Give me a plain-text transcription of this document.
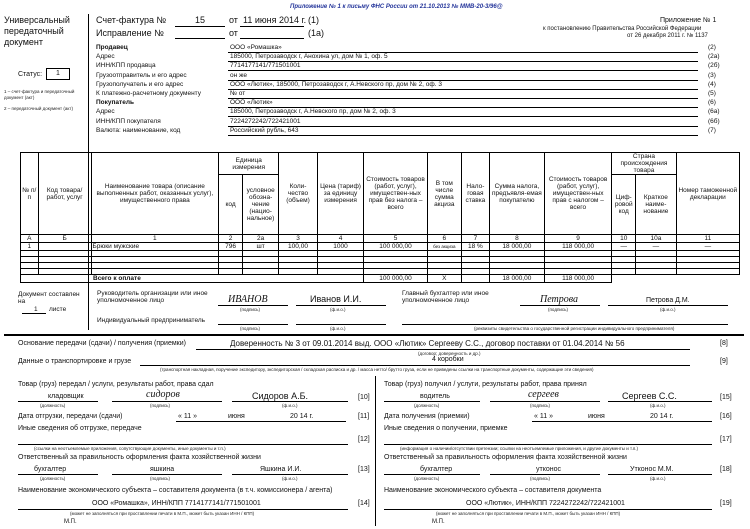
Приложение № 1 к письму ФНС России от 21.10.2013 № ММВ-20-3/96@
Универсальный передаточный документ
Счет-фактура №	15	от 11 июня 2014 г. (1)
Исправление №	от	(1а)
Приложение № 1
к постановлению Правительства Российской Федерации
от 26 декабря 2011 г. № 1137
Статус:	1
1 – счет-фактура и передаточный документ (акт)
2 – передаточный документ (акт)
Продавец	ООО «Ромашка»	(2)
Адрес	185000, Петрозаводск г, Анохина ул, дом № 1, оф. 5	(2а)
ИНН/КПП продавца	7714177141/771501001	(2б)
Грузоотправитель и его адрес	он же	(3)
Грузополучатель и его адрес	ООО «Лютик», 185000, Петрозаводск г, А.Невского пр, дом № 2, оф. 3	(4)
К платежно-расчетному документу	№ от	(5)
Покупатель	ООО «Лютик»	(6)
Адрес	185000, Петрозаводск г, А.Невского пр, дом № 2, оф. 3	(6а)
ИНН/КПП покупателя	7224272242/722421001	(6б)
Валюта: наименование, код	Российский рубль, 643	(7)
№ п/п	Код товара/ работ, услуг	Наименование товара (описание выполненных работ, оказанных услуг), имущественного права	Единица измерения		Коли-чество (объем)	Цена (тариф) за единицу измерения	Стоимость товаров (работ, услуг), имуществен-ных прав без налога – всего	В том числе сумма акциза	Нало-говая ставка	Сумма налога, предъявля-емая покупателю	Стоимость товаров (работ, услуг), имуществен-ных прав с налогом – всего	Страна происхождения товара		Номер таможенной декларации
			код	условное обозна-чение (нацио-нальное)								Циф-ровой код	Краткое наиме-нование	
А	Б	1	2	2а	3	4	5	6	7	8	9	10	10а	11
1		Брюки мужские	796	шт	100,00	1000	100 000,00	без акциза	18 %	18 000,00	118 000,00	—	—	—

Всего к оплате							100 000,00	Х		18 000,00	118 000,00			
Документ составлен на
1 листе
Руководитель организации или иное уполномоченное лицо	ИВАНОВ	Иванов И.И.
(подпись)	(ф.и.о.)
Главный бухгалтер или иное уполномоченное лицо	Петрова	Петрова Д.М.
(подпись)	(ф.и.о.)
Индивидуальный предприниматель
(подпись)	(ф.и.о.)	(реквизиты свидетельства о государственной регистрации индивидуального предпринимателя)
Основание передачи (сдачи) / получения (приемки)	Доверенность № 3 от 09.01.2014 выд. ООО «Лютик» Сергееву С.С., договор поставки от 01.04.2014 № 56	[8]
(договор; доверенность и др.)
Данные о транспортировке и грузе	4 коробки	[9]
(транспортная накладная, поручение экспедитору, экспедиторская / складская расписка и др. / масса нетто/ брутто груза, если не приведены ссылки на транспортные документы, содержащие эти сведения)
Товар (груз) передал / услуги, результаты работ, права сдал
кладовщик	сидоров	Сидоров А.Б.	[10]
(должность)	(подпись)	(ф.и.о.)
Дата отгрузки, передачи (сдачи)	« 11 »	июня	20 14 г.	[11]
Иные сведения об отгрузке, передаче
[12]
(ссылки на неотъемлемые приложения, сопутствующие документы, иные документы и т.п.)
Ответственный за правильность оформления факта хозяйственной жизни
бухгалтер	яшкина	Яшкина И.И.	[13]
(должность)	(подпись)	(ф.и.о.)
Наименование экономического субъекта – составителя документа (в т.ч. комиссионера / агента)
ООО «Ромашка», ИНН/КПП 7714177141/771501001	[14]
(может не заполняться при проставлении печати в М.П., может быть указан ИНН / КПП)
М.П.
Товар (груз) получил / услуги, результаты работ, права принял
водитель	сергеев	Сергеев С.С.	[15]
(должность)	(подпись)	(ф.и.о.)
Дата получения (приемки)	« 11 »	июня	20 14 г.	[16]
Иные сведения о получении, приемке
[17]
(информация о наличии/отсутствии претензии; ссылки на неотъемлемые приложения, и другие документы и т.п.)
Ответственный за правильность оформления факта хозяйственной жизни
бухгалтер	утконос	Утконос М.М.	[18]
(должность)	(подпись)	(ф.и.о.)
Наименование экономического субъекта – составителя документа
ООО «Лютик», ИНН/КПП 7224272242/722421001	[19]
(может не заполняться при проставлении печати в М.П., может быть указан ИНН / КПП)
М.П.
